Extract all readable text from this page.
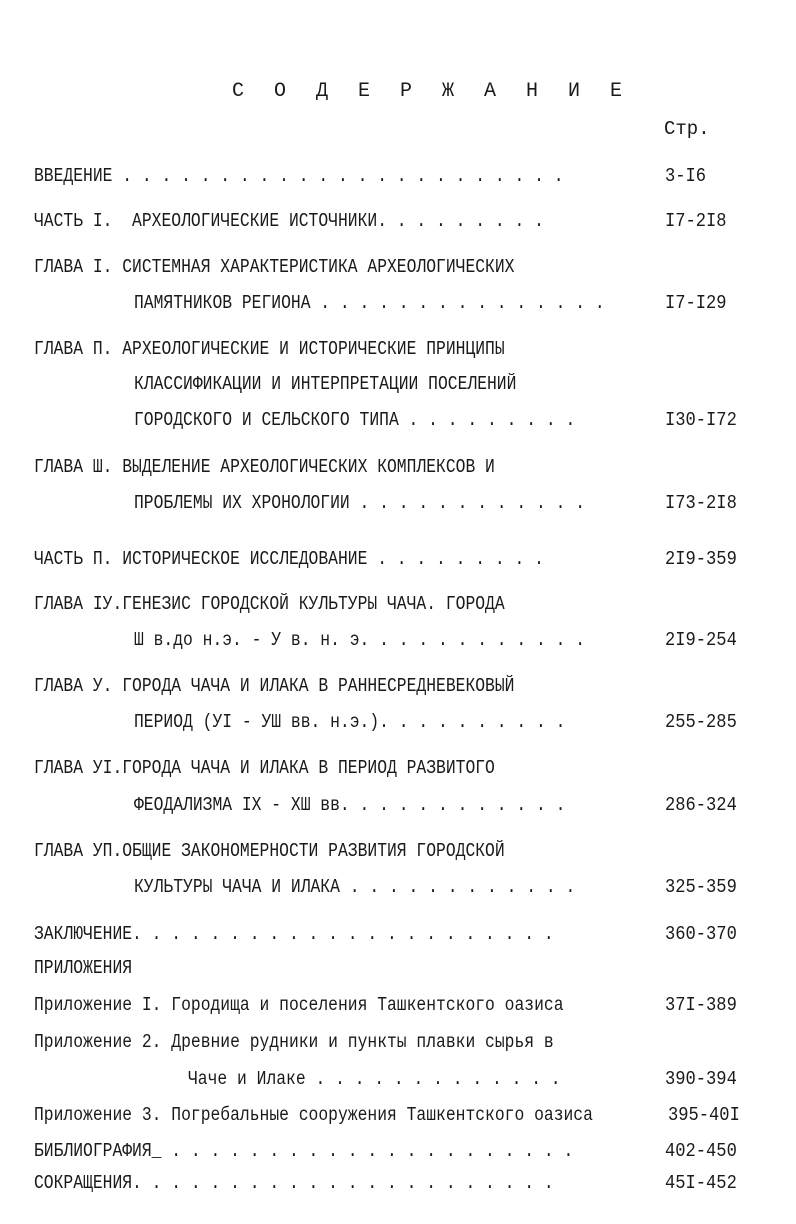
С О Д Е Р Ж А Н И Е
Стр.
ВВЕДЕНИЕ . . . . . . . . . . . . . . . . . . . . . . .	3-I6
ЧАСТЬ I.  АРХЕОЛОГИЧЕСКИЕ ИСТОЧНИКИ. . . . . . . . .	I7-2I8
ГЛАВА I. СИСТЕМНАЯ ХАРАКТЕРИСТИКА АРХЕОЛОГИЧЕСКИХ
ПАМЯТНИКОВ РЕГИОНА . . . . . . . . . . . . . . .	I7-I29
ГЛАВА П. АРХЕОЛОГИЧЕСКИЕ И ИСТОРИЧЕСКИЕ ПРИНЦИПЫ
КЛАССИФИКАЦИИ И ИНТЕРПРЕТАЦИИ ПОСЕЛЕНИЙ
ГОРОДСКОГО И СЕЛЬСКОГО ТИПА . . . . . . . . .	I30-I72
ГЛАВА Ш. ВЫДЕЛЕНИЕ АРХЕОЛОГИЧЕСКИХ КОМПЛЕКСОВ И
ПРОБЛЕМЫ ИХ ХРОНОЛОГИИ . . . . . . . . . . . .	I73-2I8
ЧАСТЬ П. ИСТОРИЧЕСКОЕ ИССЛЕДОВАНИЕ . . . . . . . . .	2I9-359
ГЛАВА IУ.ГЕНЕЗИС ГОРОДСКОЙ КУЛЬТУРЫ ЧАЧА. ГОРОДА
Ш в.до н.э. - У в. н. э. . . . . . . . . . . .	2I9-254
ГЛАВА У. ГОРОДА ЧАЧА И ИЛАКА В РАННЕСРЕДНЕВЕКОВЫЙ
ПЕРИОД (УI - УШ вв. н.э.). . . . . . . . . .	255-285
ГЛАВА УI.ГОРОДА ЧАЧА И ИЛАКА В ПЕРИОД РАЗВИТОГО
ФЕОДАЛИЗМА IX - ХШ вв. . . . . . . . . . . .	286-324
ГЛАВА УП.ОБЩИЕ ЗАКОНОМЕРНОСТИ РАЗВИТИЯ ГОРОДСКОЙ
КУЛЬТУРЫ ЧАЧА И ИЛАКА . . . . . . . . . . . .	325-359
ЗАКЛЮЧЕНИЕ. . . . . . . . . . . . . . . . . . . . . .	360-370
ПРИЛОЖЕНИЯ
Приложение I. Городища и поселения Ташкентского оазиса	37I-389
Приложение 2. Древние рудники и пункты плавки сырья в
Чаче и Илаке . . . . . . . . . . . . .	390-394
Приложение 3. Погребальные сооружения Ташкентского оазиса	395-40I
БИБЛИОГРАФИЯ_ . . . . . . . . . . . . . . . . . . . . .	402-450
СОКРАЩЕНИЯ. . . . . . . . . . . . . . . . . . . . . .	45I-452
